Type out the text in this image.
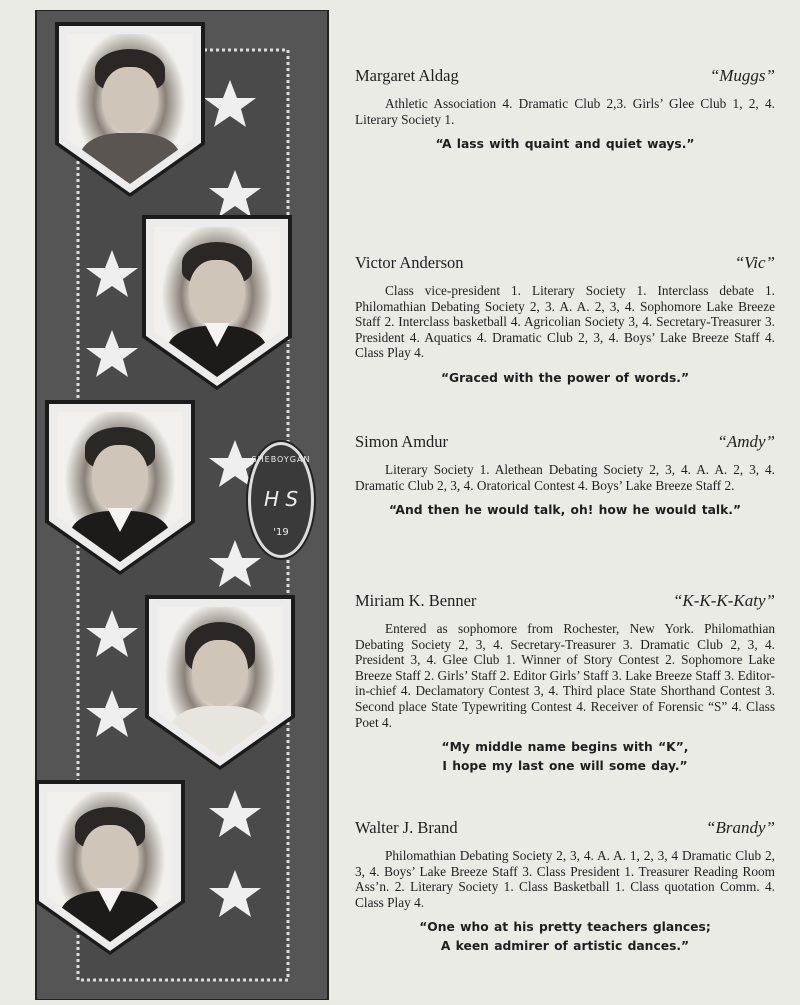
SHEBOYGAN
H S
'19
Margaret Aldag	“Muggs”
Athletic Association 4. Dramatic Club 2,3. Girls’ Glee Club 1, 2, 4. Literary Society 1.
“A lass with quaint and quiet ways.”
Victor Anderson	“Vic”
Class vice-president 1. Literary Society 1. Interclass debate 1. Philomathian Debating Society 2, 3. A. A. 2, 3, 4. Sophomore Lake Breeze Staff 2. Interclass basketball 4. Agricolian Society 3, 4. Secretary-Treasurer 3. President 4. Aquatics 4. Dramatic Club 2, 3, 4. Boys’ Lake Breeze Staff 4. Class Play 4.
“Graced with the power of words.”
Simon Amdur	“Amdy”
Literary Society 1. Alethean Debating Society 2, 3, 4. A. A. 2, 3, 4. Dramatic Club 2, 3, 4. Oratorical Contest 4. Boys’ Lake Breeze Staff 2.
“And then he would talk, oh! how he would talk.”
Miriam K. Benner	“K-K-K-Katy”
Entered as sophomore from Rochester, New York. Philomathian Debating Society 2, 3, 4. Secretary-Treasurer 3. Dramatic Club 2, 3, 4. President 3, 4. Glee Club 1. Winner of Story Contest 2. Sophomore Lake Breeze Staff 2. Girls’ Staff 2. Editor Girls’ Staff 3. Lake Breeze Staff 3. Editor-in-chief 4. Declamatory Contest 3, 4. Third place State Shorthand Contest 3. Second place State Typewriting Contest 4. Receiver of Forensic “S” 4. Class Poet 4.
“My middle name begins with “K”,
I hope my last one will some day.”
Walter J. Brand	“Brandy”
Philomathian Debating Society 2, 3, 4. A. A. 1, 2, 3, 4 Dramatic Club 2, 3, 4. Boys’ Lake Breeze Staff 3. Class President 1. Treasurer Reading Room Ass’n. 2. Literary Society 1. Class Basketball 1. Class quotation Comm. 4. Class Play 4.
“One who at his pretty teachers glances;
A keen admirer of artistic dances.”
